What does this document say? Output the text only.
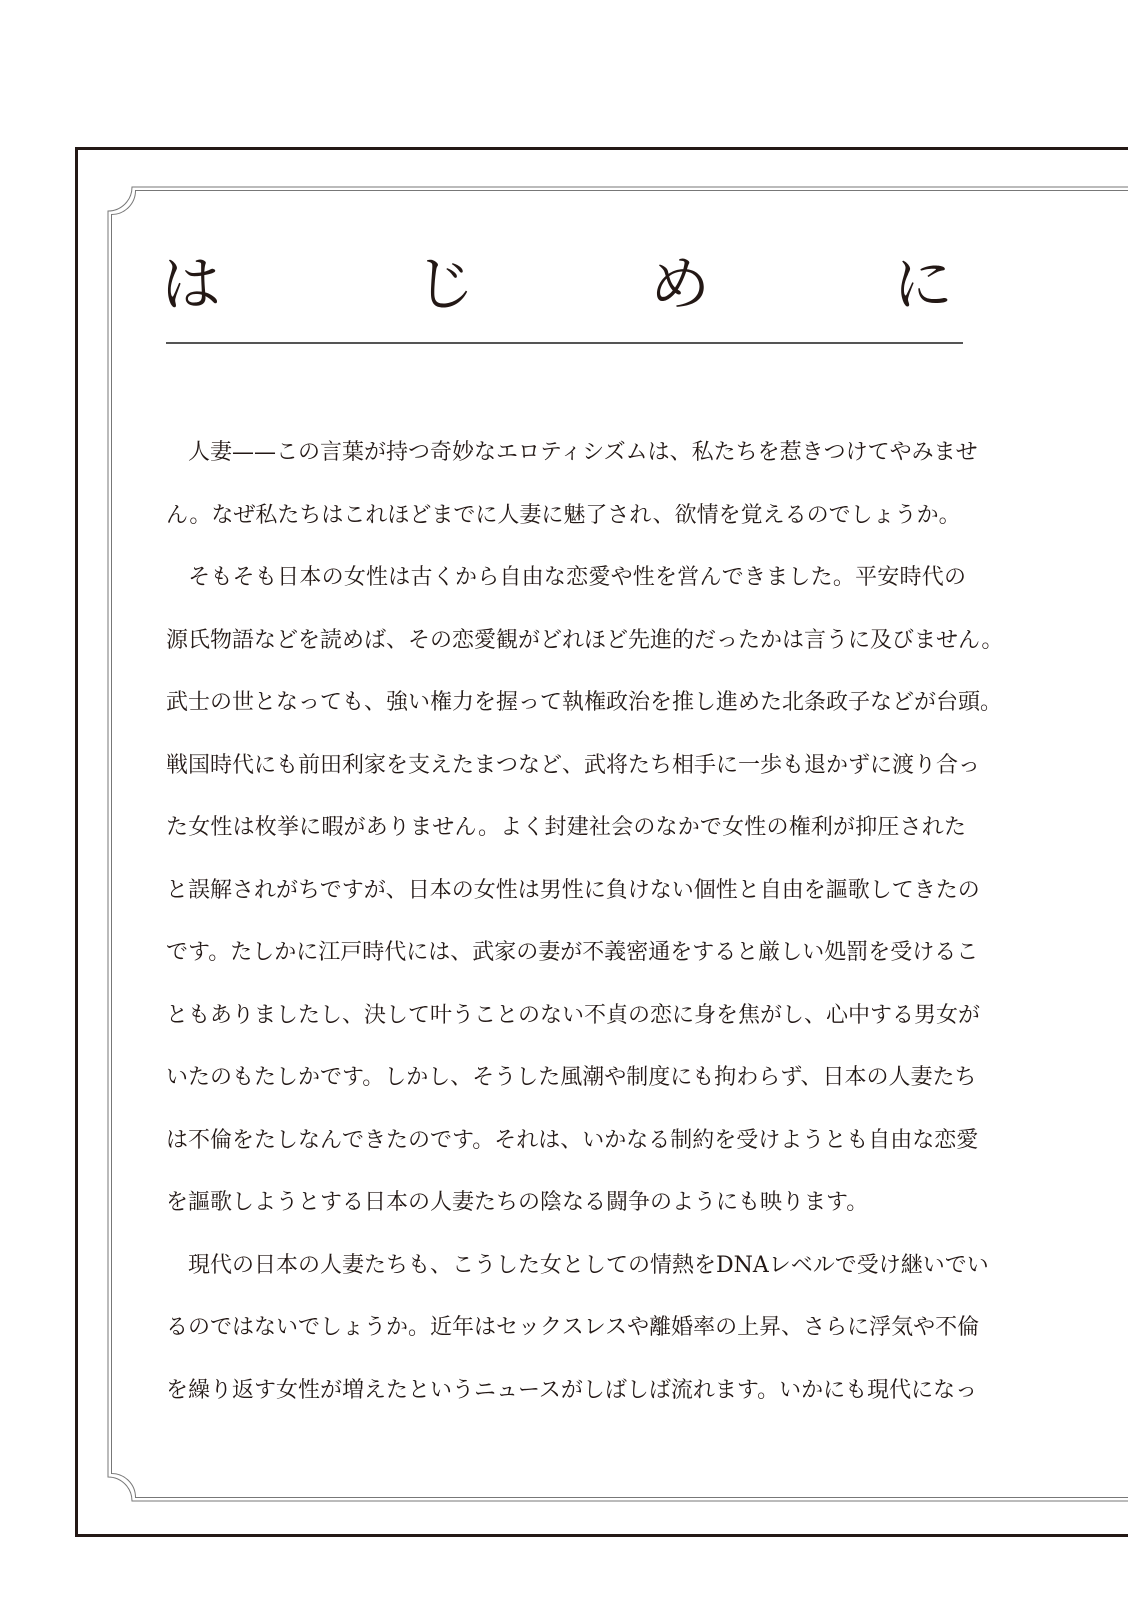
は	じ	め	に
　人妻——この言葉が持つ奇妙なエロティシズムは、私たちを惹きつけてやみませ
ん。なぜ私たちはこれほどまでに人妻に魅了され、欲情を覚えるのでしょうか。
　そもそも日本の女性は古くから自由な恋愛や性を営んできました。平安時代の
源氏物語などを読めば、その恋愛観がどれほど先進的だったかは言うに及びません。
武士の世となっても、強い権力を握って執権政治を推し進めた北条政子などが台頭。
戦国時代にも前田利家を支えたまつなど、武将たち相手に一歩も退かずに渡り合っ
た女性は枚挙に暇がありません。よく封建社会のなかで女性の権利が抑圧された
と誤解されがちですが、日本の女性は男性に負けない個性と自由を謳歌してきたの
です。たしかに江戸時代には、武家の妻が不義密通をすると厳しい処罰を受けるこ
ともありましたし、決して叶うことのない不貞の恋に身を焦がし、心中する男女が
いたのもたしかです。しかし、そうした風潮や制度にも拘わらず、日本の人妻たち
は不倫をたしなんできたのです。それは、いかなる制約を受けようとも自由な恋愛
を謳歌しようとする日本の人妻たちの陰なる闘争のようにも映ります。
　現代の日本の人妻たちも、こうした女としての情熱をDNAレベルで受け継いでい
るのではないでしょうか。近年はセックスレスや離婚率の上昇、さらに浮気や不倫
を繰り返す女性が増えたというニュースがしばしば流れます。いかにも現代になっ
